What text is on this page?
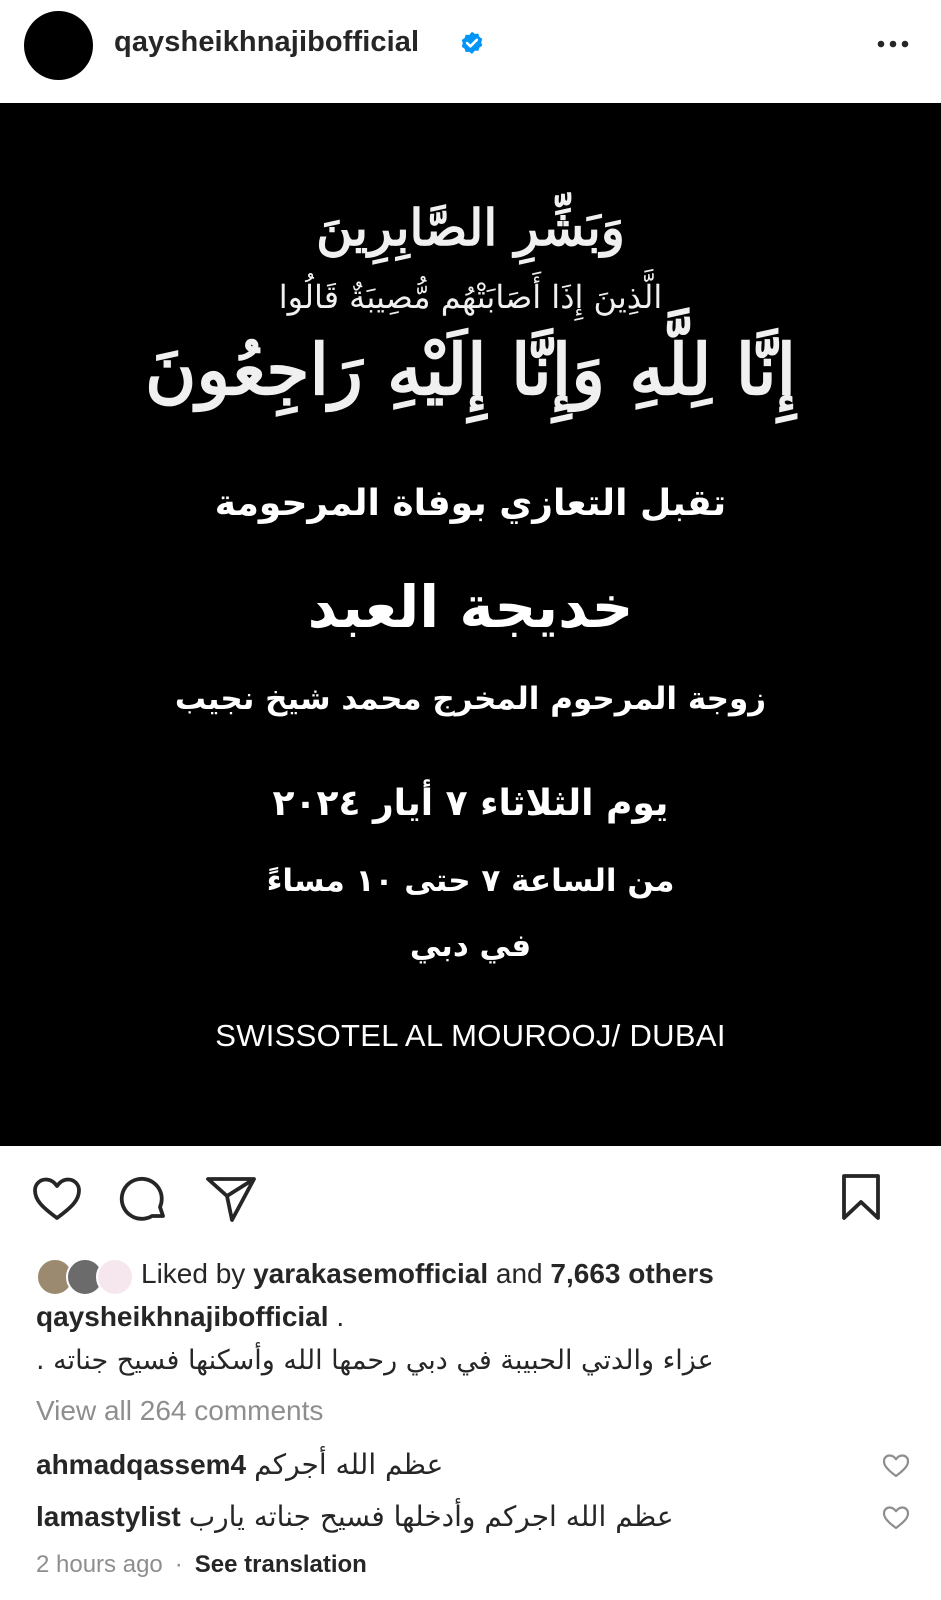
qaysheikhnajibofficial
وَبَشِّرِ الصَّابِرِينَ
الَّذِينَ إِذَا أَصَابَتْهُم مُّصِيبَةٌ قَالُوا
إِنَّا لِلَّهِ وَإِنَّا إِلَيْهِ رَاجِعُونَ
تقبل التعازي بوفاة المرحومة
خديجة العبد
زوجة المرحوم المخرج محمد شيخ نجيب
يوم الثلاثاء ٧ أيار ٢٠٢٤
من الساعة ٧ حتى ١٠ مساءً
في دبي
SWISSOTEL AL MOUROOJ/ DUBAI
Liked by yarakasemofficial and 7,663 others
qaysheikhnajibofficial .
عزاء والدتي الحبيبة في دبي رحمها الله وأسكنها فسيح جناته .
View all 264 comments
ahmadqassem4 عظم الله أجركم
lamastylist عظم الله اجركم وأدخلها فسيح جناته يارب
2 hours ago · See translation
